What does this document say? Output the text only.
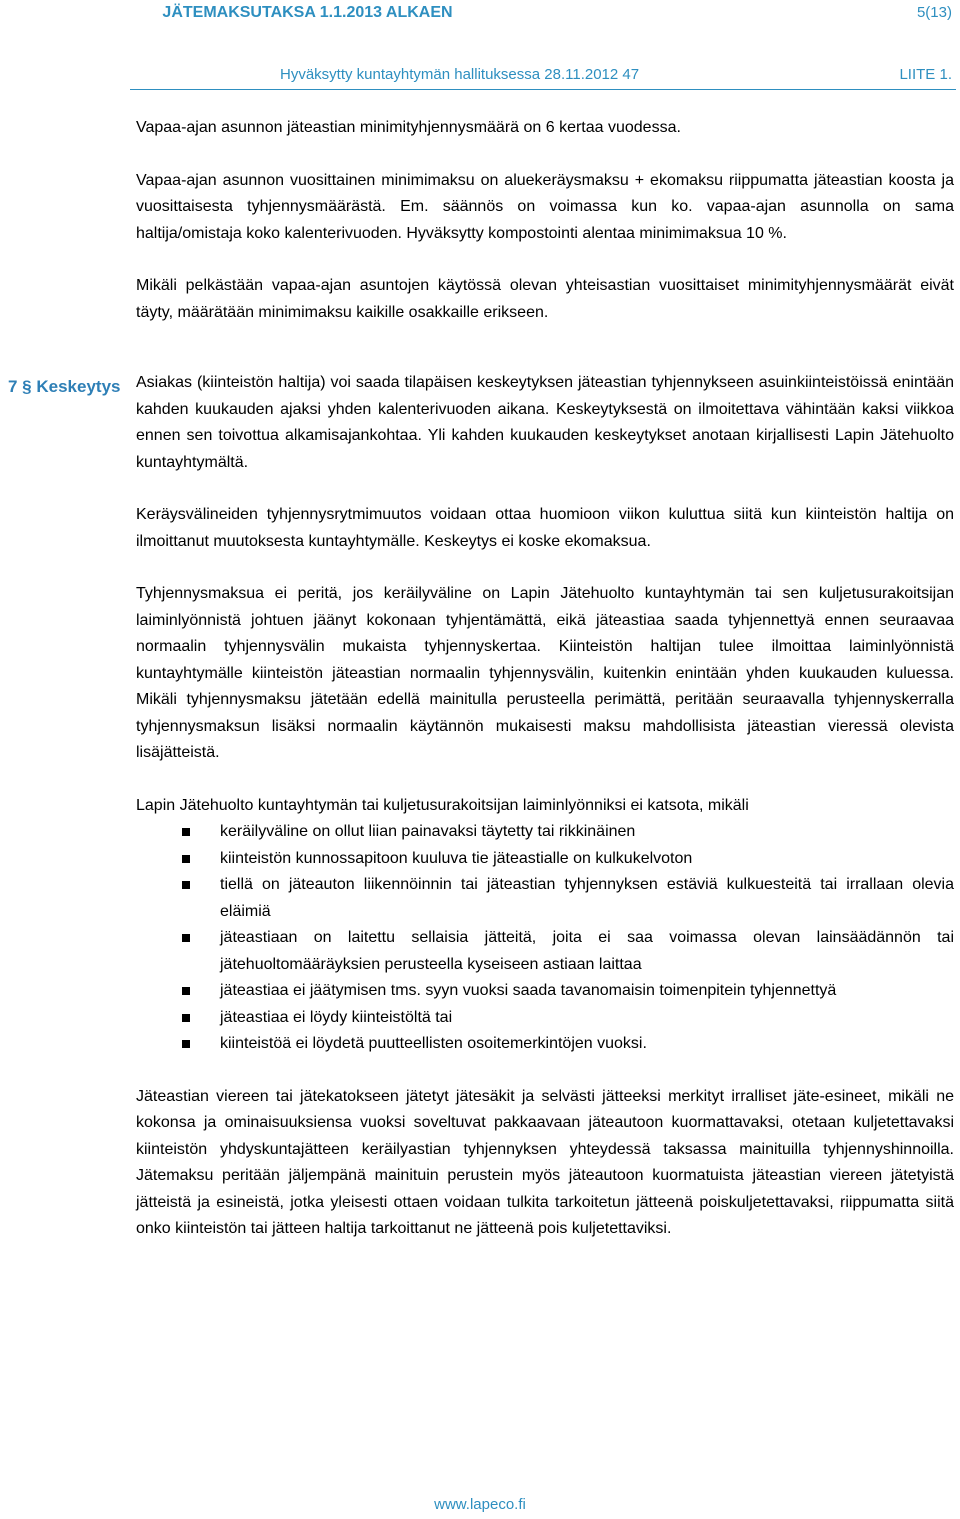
JÄTEMAKSUTAKSA 1.1.2013 ALKAEN	5(13)
Hyväksytty kuntayhtymän hallituksessa 28.11.2012 47	LIITE 1.
7 § Keskeytys

Vapaa-ajan asunnon jäteastian minimityhjennysmäärä on 6 kertaa vuodessa.

Vapaa-ajan asunnon vuosittainen minimimaksu on aluekeräysmaksu + ekomaksu riippumatta jäteastian koosta ja vuosittaisesta tyhjennysmäärästä. Em. säännös on voimassa kun ko. vapaa-ajan asunnolla on sama haltija/omistaja koko kalenterivuoden. Hyväksytty kompostointi alentaa minimimaksua 10 %.

Mikäli pelkästään vapaa-ajan asuntojen käytössä olevan yhteisastian vuosittaiset minimityhjennysmäärät eivät täyty, määrätään minimimaksu kaikille osakkaille erikseen.

Asiakas (kiinteistön haltija) voi saada tilapäisen keskeytyksen jäteastian tyhjennykseen asuinkiinteistöissä enintään kahden kuukauden ajaksi yhden kalenterivuoden aikana. Keskeytyksestä on ilmoitettava vähintään kaksi viikkoa ennen sen toivottua alkamisajankohtaa. Yli kahden kuukauden keskeytykset anotaan kirjallisesti Lapin Jätehuolto kuntayhtymältä.

Keräysvälineiden tyhjennysrytmimuutos voidaan ottaa huomioon viikon kuluttua siitä kun kiinteistön haltija on ilmoittanut muutoksesta kuntayhtymälle. Keskeytys ei koske ekomaksua.

Tyhjennysmaksua ei peritä, jos keräilyväline on Lapin Jätehuolto kuntayhtymän tai sen kuljetusurakoitsijan laiminlyönnistä johtuen jäänyt kokonaan tyhjentämättä, eikä jäteastiaa saada tyhjennettyä ennen seuraavaa normaalin tyhjennysvälin mukaista tyhjennyskertaa. Kiinteistön haltijan tulee ilmoittaa laiminlyönnistä kuntayhtymälle kiinteistön jäteastian normaalin tyhjennysvälin, kuitenkin enintään yhden kuukauden kuluessa. Mikäli tyhjennysmaksu jätetään edellä mainitulla perusteella perimättä, peritään seuraavalla tyhjennyskerralla tyhjennysmaksun lisäksi normaalin käytännön mukaisesti maksu mahdollisista jäteastian vieressä olevista lisäjätteistä.

Lapin Jätehuolto kuntayhtymän tai kuljetusurakoitsijan laiminlyönniksi ei katsota, mikäli

keräilyväline on ollut liian painavaksi täytetty tai rikkinäinen
kiinteistön kunnossapitoon kuuluva tie jäteastialle on kulkukelvoton
tiellä on jäteauton liikennöinnin tai jäteastian tyhjennyksen estäviä kulkuesteitä tai irrallaan olevia eläimiä
jäteastiaan on laitettu sellaisia jätteitä, joita ei saa voimassa olevan lainsäädännön tai jätehuoltomääräyksien perusteella kyseiseen astiaan laittaa
jäteastiaa ei jäätymisen tms. syyn vuoksi saada tavanomaisin toimenpitein tyhjennettyä
jäteastiaa ei löydy kiinteistöltä tai
kiinteistöä ei löydetä puutteellisten osoitemerkintöjen vuoksi.

Jäteastian viereen tai jätekatokseen jätetyt jätesäkit ja selvästi jätteeksi merkityt irralliset jäte-esineet, mikäli ne kokonsa ja ominaisuuksiensa vuoksi soveltuvat pakkaavaan jäteautoon kuormattavaksi, otetaan kuljetettavaksi kiinteistön yhdyskuntajätteen keräilyastian tyhjennyksen yhteydessä taksassa mainituilla tyhjennyshinnoilla. Jätemaksu peritään jäljempänä mainituin perustein myös jäteautoon kuormatuista jäteastian viereen jätetyistä jätteistä ja esineistä, jotka yleisesti ottaen voidaan tulkita tarkoitetun jätteenä poiskuljetettavaksi, riippumatta siitä onko kiinteistön tai jätteen haltija tarkoittanut ne jätteenä pois kuljetettaviksi.

www.lapeco.fi
